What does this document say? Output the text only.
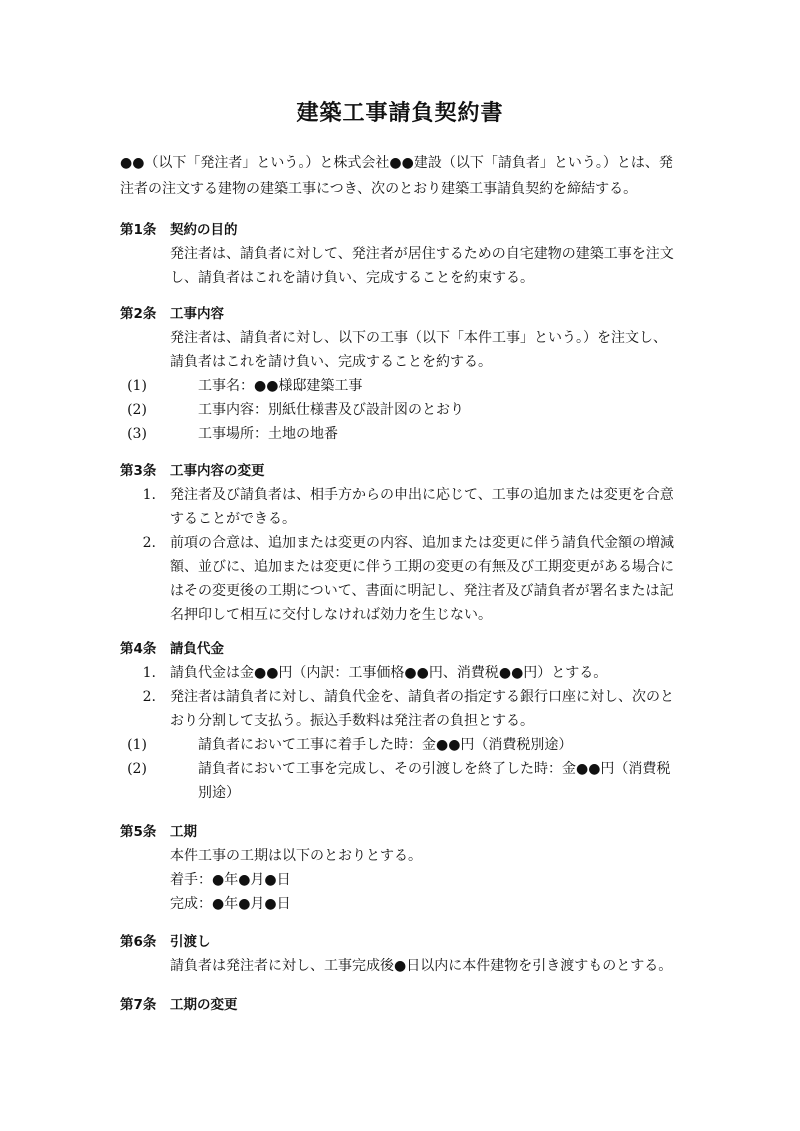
建築工事請負契約書

●●（以下「発注者」という。）と株式会社●●建設（以下「請負者」という。）とは、発

注者の注文する建物の建築工事につき、次のとおり建築工事請負契約を締結する。

第1条 契約の目的
発注者は、請負者に対して、発注者が居住するための自宅建物の建築工事を注文
し、請負者はこれを請け負い、完成することを約束する。
第2条 工事内容
発注者は、請負者に対し、以下の工事（以下「本件工事」という。）を注文し、
請負者はこれを請け負い、完成することを約する。
(1)	工事名：●●様邸建築工事
(2)	工事内容：別紙仕様書及び設計図のとおり
(3)	工事場所：土地の地番
第3条 工事内容の変更
1. 発注者及び請負者は、相手方からの申出に応じて、工事の追加または変更を合意
することができる。
2. 前項の合意は、追加または変更の内容、追加または変更に伴う請負代金額の増減
額、並びに、追加または変更に伴う工期の変更の有無及び工期変更がある場合に
はその変更後の工期について、書面に明記し、発注者及び請負者が署名または記
名押印して相互に交付しなければ効力を生じない。
第4条 請負代金
1. 請負代金は金●●円（内訳：工事価格●●円、消費税●●円）とする。
2. 発注者は請負者に対し、請負代金を、請負者の指定する銀行口座に対し、次のと
おり分割して支払う。振込手数料は発注者の負担とする。
(1)	請負者において工事に着手した時：金●●円（消費税別途）
(2)	請負者において工事を完成し、その引渡しを終了した時：金●●円（消費税
別途）
第5条 工期
本件工事の工期は以下のとおりとする。
着手：●年●月●日
完成：●年●月●日
第6条 引渡し
請負者は発注者に対し、工事完成後●日以内に本件建物を引き渡すものとする。
第7条 工期の変更
